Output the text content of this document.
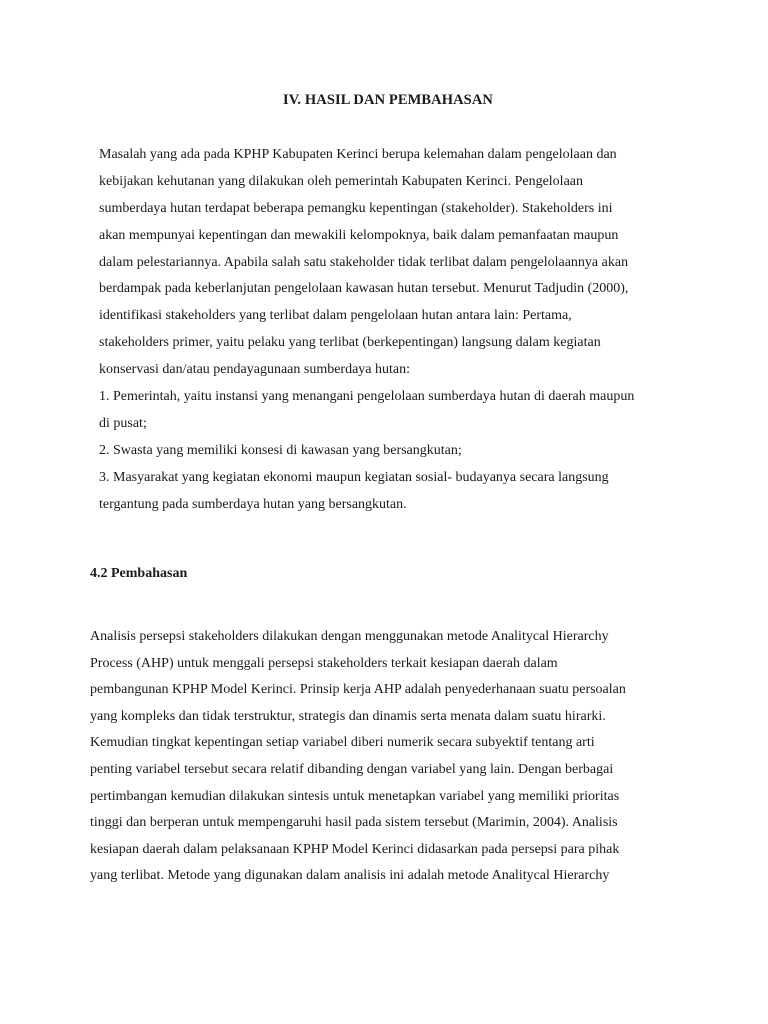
IV. HASIL DAN PEMBAHASAN
Masalah yang ada pada KPHP Kabupaten Kerinci berupa kelemahan dalam pengelolaan dan
kebijakan kehutanan yang dilakukan oleh pemerintah Kabupaten Kerinci. Pengelolaan
sumberdaya hutan terdapat beberapa pemangku kepentingan (stakeholder). Stakeholders ini
akan mempunyai kepentingan dan mewakili kelompoknya, baik dalam pemanfaatan maupun
dalam pelestariannya. Apabila salah satu stakeholder tidak terlibat dalam pengelolaannya akan
berdampak pada keberlanjutan pengelolaan kawasan hutan tersebut. Menurut Tadjudin (2000),
identifikasi stakeholders yang terlibat dalam pengelolaan hutan antara lain: Pertama,
stakeholders primer, yaitu pelaku yang terlibat (berkepentingan) langsung dalam kegiatan
konservasi dan/atau pendayagunaan sumberdaya hutan:
1. Pemerintah, yaitu instansi yang menangani pengelolaan sumberdaya hutan di daerah maupun
di pusat;
2. Swasta yang memiliki konsesi di kawasan yang bersangkutan;
3. Masyarakat yang kegiatan ekonomi maupun kegiatan sosial- budayanya secara langsung
tergantung pada sumberdaya hutan yang bersangkutan.
4.2 Pembahasan
Analisis persepsi stakeholders dilakukan dengan menggunakan metode Analitycal Hierarchy
Process (AHP) untuk menggali persepsi stakeholders terkait kesiapan daerah dalam
pembangunan KPHP Model Kerinci. Prinsip kerja AHP adalah penyederhanaan suatu persoalan
yang kompleks dan tidak terstruktur, strategis dan dinamis serta menata dalam suatu hirarki.
Kemudian tingkat kepentingan setiap variabel diberi numerik secara subyektif tentang arti
penting variabel tersebut secara relatif dibanding dengan variabel yang lain. Dengan berbagai
pertimbangan kemudian dilakukan sintesis untuk menetapkan variabel yang memiliki prioritas
tinggi dan berperan untuk mempengaruhi hasil pada sistem tersebut (Marimin, 2004). Analisis
kesiapan daerah dalam pelaksanaan KPHP Model Kerinci didasarkan pada persepsi para pihak
yang terlibat. Metode yang digunakan dalam analisis ini adalah metode Analitycal Hierarchy
